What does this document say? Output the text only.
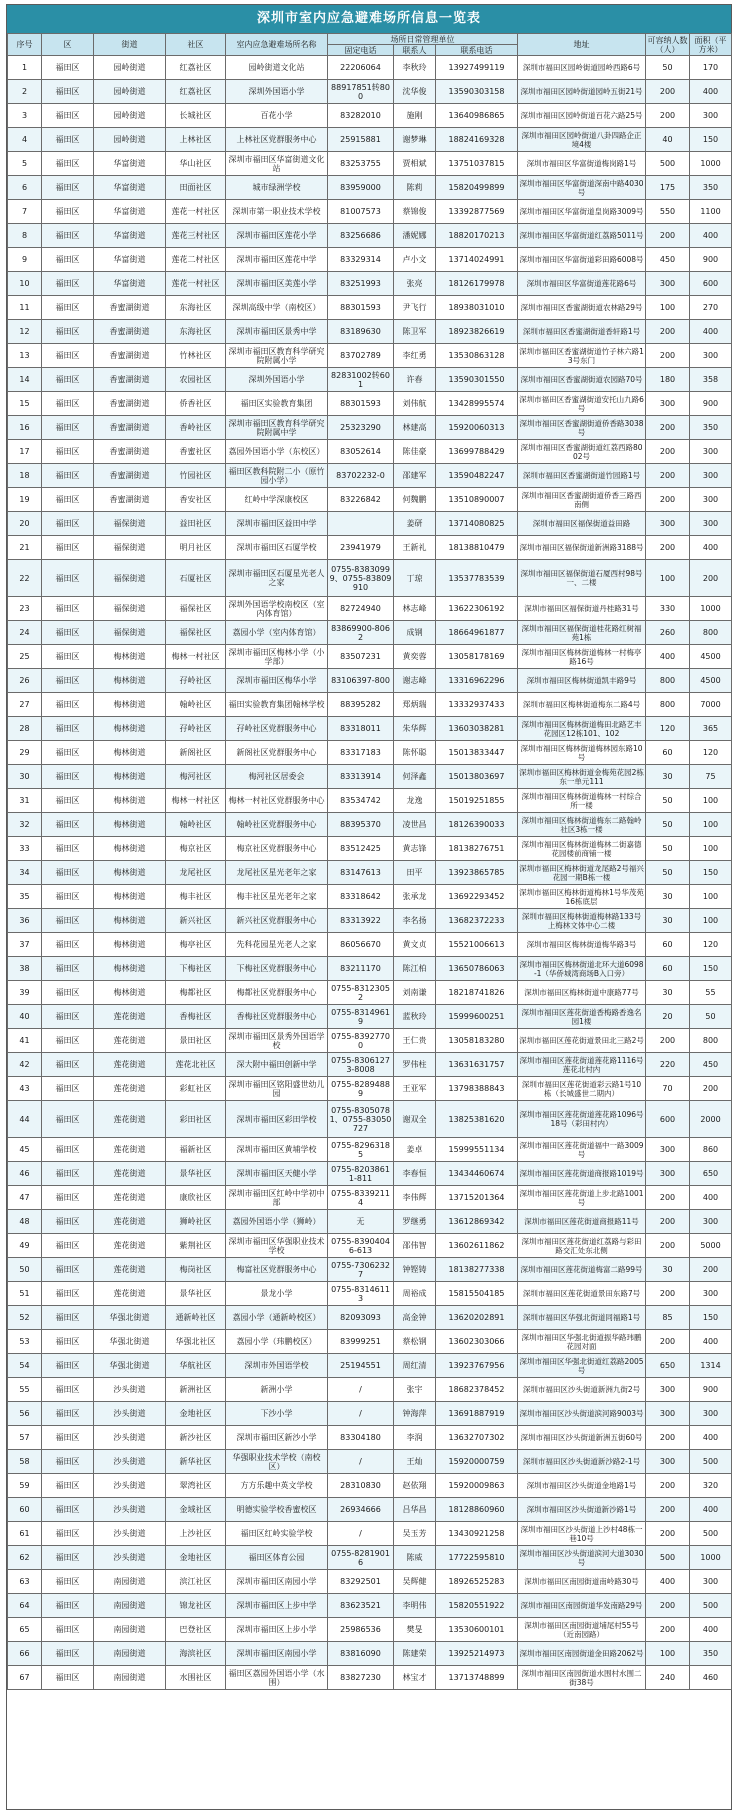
深圳市室内应急避难场所信息一览表
序号	区	街道	社区	室内应急避难场所名称	场所日常管理单位			地址	可容纳人数（人）	面积（平方米）
					固定电话	联系人	联系电话			
1	福田区	园岭街道	红荔社区	园岭街道文化站	22206064	李秋玲	13927499119	深圳市福田区园岭街道园岭西路6号	50	170
2	福田区	园岭街道	红荔社区	深圳外国语小学	88917851转800	沈华俊	13590303158	深圳市福田区园岭街道园岭五街21号	200	400
3	福田区	园岭街道	长城社区	百花小学	83282010	施刚	13640986865	深圳市福田区园岭街道百花六路25号	200	300
4	福田区	园岭街道	上林社区	上林社区党群服务中心	25915881	谢梦琳	18824169328	深圳市福田区园岭街道八卦四路企正境4楼	40	150
5	福田区	华富街道	华山社区	深圳市福田区华富街道文化站	83253755	贾相斌	13751037815	深圳市福田区华富街道梅岗路1号	500	1000
6	福田区	华富街道	田面社区	城市绿洲学校	83959000	陈莉	15820499899	深圳市福田区华富街道深南中路4030号	175	350
7	福田区	华富街道	莲花一村社区	深圳市第一职业技术学校	81007573	蔡锦俊	13392877569	深圳市福田区华富街道皇岗路3009号	550	1100
8	福田区	华富街道	莲花三村社区	深圳市福田区莲花小学	83256686	潘妮娜	18820170213	深圳市福田区华富街道红荔路5011号	200	400
9	福田区	华富街道	莲花二村社区	深圳市福田区莲花中学	83329314	卢小文	13714024991	深圳市福田区华富街道彩田路6008号	450	900
10	福田区	华富街道	莲花一村社区	深圳市福田区美莲小学	83251993	张亮	18126179978	深圳市福田区华富街道莲花路6号	300	600
11	福田区	香蜜湖街道	东海社区	深圳高级中学（南校区）	88301593	尹飞行	18938031010	深圳市福田区香蜜湖街道农林路29号	100	270
12	福田区	香蜜湖街道	东海社区	深圳市福田区景秀中学	83189630	陈卫军	18923826619	深圳市福田区香蜜湖街道香轩路1号	200	400
13	福田区	香蜜湖街道	竹林社区	深圳市福田区教育科学研究院附属小学	83702789	李红勇	13530863128	深圳市福田区香蜜湖街道竹子林六路13号东门	200	300
14	福田区	香蜜湖街道	农园社区	深圳外国语小学	82831002转601	许春	13590301550	深圳市福田区香蜜湖街道农园路70号	180	358
15	福田区	香蜜湖街道	侨香社区	福田区实验教育集团	88301593	刘伟航	13428995574	深圳市福田区香蜜湖街道安托山九路6号	300	900
16	福田区	香蜜湖街道	香岭社区	深圳市福田区教育科学研究院附属中学	25323290	林建高	15920060313	深圳市福田区香蜜湖街道侨香路3038号	200	350
17	福田区	香蜜湖街道	香蜜社区	荔园外国语小学（东校区）	83052614	陈佳豪	13699788429	深圳市福田区香蜜湖街道红荔西路8002号	200	300
18	福田区	香蜜湖街道	竹园社区	福田区教科院附二小（原竹园小学）	83702232-0	邵建军	13590482247	深圳市福田区香蜜湖街道竹园路1号	200	300
19	福田区	香蜜湖街道	香安社区	红岭中学深康校区	83226842	何魏鹏	13510890007	深圳市福田区香蜜湖街道侨香三路西南侧	200	300
20	福田区	福保街道	益田社区	深圳市福田区益田中学		姜研	13714080825	深圳市福田区福保街道益田路	300	300
21	福田区	福保街道	明月社区	深圳市福田区石厦学校	23941979	王新礼	18138810479	深圳市福田区福保街道新洲路3188号	200	400
22	福田区	福保街道	石厦社区	深圳市福田区石厦星光老人之家	0755-83830999、0755-83809910	丁琼	13537783539	深圳市福田区福保街道石厦西村98号一、二楼	100	200
23	福田区	福保街道	福保社区	深圳外国语学校南校区（室内体育馆）	82724940	林志峰	13622306192	深圳市福田区福保街道丹桂路31号	330	1000
24	福田区	福保街道	福保社区	荔园小学（室内体育馆）	83869900-8062	成钢	18664961877	深圳市福田区福保街道桂花路红树福苑1栋	260	800
25	福田区	梅林街道	梅林一村社区	深圳市福田区梅林小学（小学部）	83507231	黄奕蓉	13058178169	深圳市福田区梅林街道梅林一村梅亭路16号	400	4500
26	福田区	梅林街道	孖岭社区	深圳市福田区梅华小学	83106397-800	谢志峰	13316962296	深圳市福田区梅林街道凯丰路9号	800	4500
27	福田区	梅林街道	翰岭社区	福田实验教育集团翰林学校	88395282	郑炳瑞	13332937433	深圳市福田区梅林街道梅东二路4号	800	7000
28	福田区	梅林街道	孖岭社区	孖岭社区党群服务中心	83318011	朱华辉	13603038281	深圳市福田区梅林街道梅田北路艺丰花园区12栋101、102	120	365
29	福田区	梅林街道	新阁社区	新阁社区党群服务中心	83317183	陈怀聪	15013833447	深圳市福田区梅林街道梅林园东路10号	60	120
30	福田区	梅林街道	梅河社区	梅河社区居委会	83313914	何泽鑫	15013803697	深圳市福田区梅林街道金梅苑花园2栋东一单元111	30	75
31	福田区	梅林街道	梅林一村社区	梅林一村社区党群服务中心	83534742	龙逸	15019251855	深圳市福田区梅林街道梅林一村综合所一楼	50	100
32	福田区	梅林街道	翰岭社区	翰岭社区党群服务中心	88395370	凌世昌	18126390033	深圳市福田区梅林街道梅东二路翰岭社区3栋一楼	50	100
33	福田区	梅林街道	梅京社区	梅京社区党群服务中心	83512425	黄志锋	18138276751	深圳市福田区梅林街道梅林二街嘉德花园楼前商铺一楼	50	100
34	福田区	梅林街道	龙尾社区	龙尾社区星光老年之家	83147613	田平	13923865785	深圳市福田区梅林街道龙尾路2号福兴花园一期B栋一楼	50	150
35	福田区	梅林街道	梅丰社区	梅丰社区星光老年之家	83318642	张承龙	13692293452	深圳市福田区梅林街道梅林1号华茂苑16栋底层	30	100
36	福田区	梅林街道	新兴社区	新兴社区党群服务中心	83313922	李名扬	13682372233	深圳市福田区梅林街道梅林路133号上梅林文体中心二楼	30	100
37	福田区	梅林街道	梅亭社区	先科花园星光老人之家	86056670	黄文贞	15521006613	深圳市福田区梅林街道梅华路3号	60	120
38	福田区	梅林街道	下梅社区	下梅社区党群服务中心	83211170	陈江柏	13650786063	深圳市福田区梅林街道北环大道6098-1（华侨城湾商场B入口旁）	60	150
39	福田区	梅林街道	梅都社区	梅都社区党群服务中心	0755-83123052	刘南谦	18218741826	深圳市福田区梅林街道中康路77号	30	55
40	福田区	莲花街道	香梅社区	香梅社区党群服务中心	0755-83149619	蓝秋玲	15999600251	深圳市福田区莲花街道香梅路香逸名园1楼	20	50
41	福田区	莲花街道	景田社区	深圳市福田区景秀外国语学校	0755-83927700	王仁贵	13058183280	深圳市福田区莲花街道景田北三路2号	200	800
42	福田区	莲花街道	莲花北社区	深大附中福田创新中学	0755-83061273-8008	罗伟柱	13631631757	深圳市福田区莲花街道莲花路1116号莲花北村内	220	450
43	福田区	莲花街道	彩虹社区	深圳市福田区铭阳盛世幼儿园	0755-82894889	王亚军	13798388843	深圳市福田区莲花街道彩云路1号10栋（长城盛世二期内）	70	200
44	福田区	莲花街道	彩田社区	深圳市福田区彩田学校	0755-83050781、0755-83050727	谢双全	13825381620	深圳市福田区莲花街道莲花路1096号18号（彩田村内）	600	2000
45	福田区	莲花街道	福新社区	深圳市福田区黄埔学校	0755-82963185	姜卓	15999551134	深圳市福田区莲花街道福中一路3009号	300	860
46	福田区	莲花街道	景华社区	深圳市福田区天健小学	0755-82038611-811	李春恒	13434460674	深圳市福田区莲花街道商报路1019号	300	650
47	福田区	莲花街道	康欣社区	深圳市福田区红岭中学初中部	0755-83392114	李伟辉	13715201364	深圳市福田区莲花街道上步北路1001号	200	400
48	福田区	莲花街道	狮岭社区	荔园外国语小学（狮岭）	无	罗继勇	13612869342	深圳市福田区莲花街道商报路11号	200	300
49	福田区	莲花街道	紫荆社区	深圳市福田区华强职业技术学校	0755-83904046-613	邵伟智	13602611862	深圳市福田区莲花街道红荔路与彩田路交汇处东北侧	200	5000
50	福田区	莲花街道	梅岗社区	梅富社区党群服务中心	0755-73062327	钟铿铸	18138277338	深圳市福田区莲花街道梅富二路99号	30	200
51	福田区	莲花街道	景华社区	景龙小学	0755-83146113	周裕成	15815504185	深圳市福田区莲花街道景田东路7号	200	300
52	福田区	华强北街道	通新岭社区	荔园小学（通新岭校区）	82093093	高金钟	13620202891	深圳市福田区华强北街道同福路1号	85	150
53	福田区	华强北街道	华强北社区	荔园小学（玮鹏校区）	83999251	蔡松钢	13602303066	深圳市福田区华强北街道振华路玮鹏花园对面	200	400
54	福田区	华强北街道	华航社区	深圳市外国语学校	25194551	周红清	13923767956	深圳市福田区华强北街道红荔路2005号	650	1314
55	福田区	沙头街道	新洲社区	新洲小学	/	张宇	18682378452	深圳市福田区沙头街道新洲九街2号	300	900
56	福田区	沙头街道	金地社区	下沙小学	/	钟海萍	13691887919	深圳市福田区沙头街道滨河路9003号	300	300
57	福田区	沙头街道	新沙社区	深圳市福田区新沙小学	83304180	李润	13632707302	深圳市福田区沙头街道新洲五街60号	200	400
58	福田区	沙头街道	新华社区	华强职业技术学校（南校区）	/	王灿	15920000759	深圳市福田区沙头街道新沙路2-1号	300	500
59	福田区	沙头街道	翠湾社区	方方乐趣中英文学校	28310830	赵依翔	15920009863	深圳市福田区沙头街道金地路1号	200	320
60	福田区	沙头街道	金域社区	明德实验学校香蜜校区	26934666	吕华昌	18128860960	深圳市福田区沙头街道新沙路1号	200	400
61	福田区	沙头街道	上沙社区	福田区红岭实验学校	/	吴玉芳	13430921258	深圳市福田区沙头街道上沙村48栋一巷10号	200	500
62	福田区	沙头街道	金地社区	福田区体育公园	0755-82819016	陈威	17722595810	深圳市福田区沙头街道滨河大道3030号	500	1000
63	福田区	南园街道	滨江社区	深圳市福田区南园小学	83292501	吴辉健	18926525283	深圳市福田区南园街道南岭路30号	400	300
64	福田区	南园街道	锦龙社区	深圳市福田区上步中学	83623521	李明伟	15820551922	深圳市福田区南园街道华发南路29号	200	500
65	福田区	南园街道	巴登社区	深圳市福田区上步小学	25986536	樊旻	13530600101	深圳市福田区南园街道埔尾村55号（近南园路）	200	400
66	福田区	南园街道	海滨社区	深圳市福田区南园小学	83816090	陈建荣	13925214973	深圳市福田区南园街道金田路2062号	100	350
67	福田区	南园街道	水围社区	福田区荔园外国语小学（水围）	83827230	林宝才	13713748899	深圳市福田区南园街道水围村水围二街38号	240	460
